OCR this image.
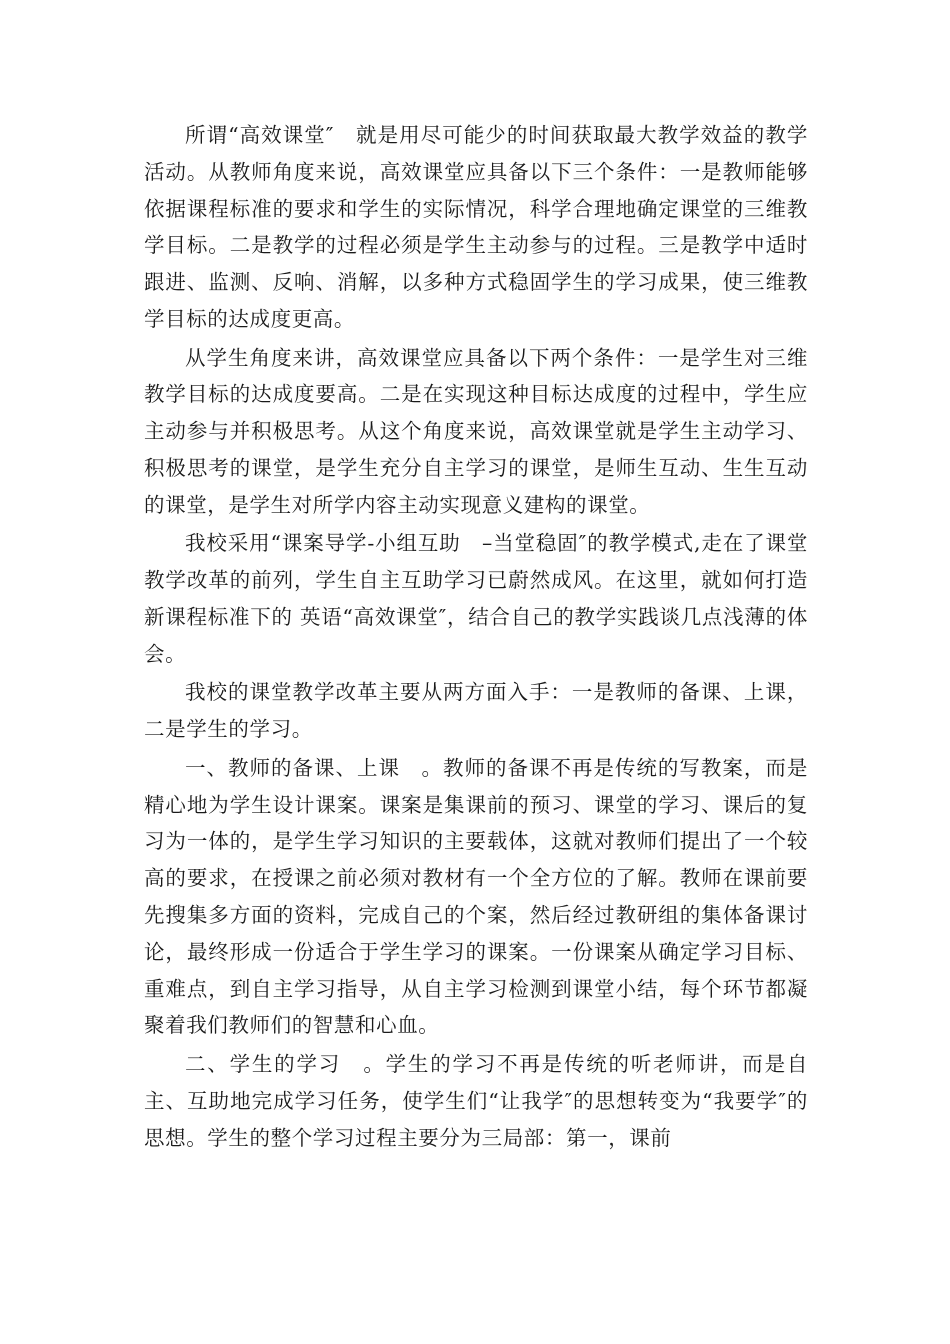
所谓“高效课堂″　就是用尽可能少的时间获取最大教学效益的教学活动。从教师角度来说，高效课堂应具备以下三个条件：一是教师能够依据课程标准的要求和学生的实际情况，科学合理地确定课堂的三维教学目标。二是教学的过程必须是学生主动参与的过程。三是教学中适时跟进、监测、反响、消解，以多种方式稳固学生的学习成果，使三维教学目标的达成度更高。

从学生角度来讲，高效课堂应具备以下两个条件：一是学生对三维教学目标的达成度要高。二是在实现这种目标达成度的过程中，学生应主动参与并积极思考。从这个角度来说，高效课堂就是学生主动学习、积极思考的课堂，是学生充分自主学习的课堂，是师生互动、生生互动的课堂，是学生对所学内容主动实现意义建构的课堂。

我校采用“课案导学-小组互助　–当堂稳固″的教学模式,走在了课堂教学改革的前列，学生自主互助学习已蔚然成风。在这里，就如何打造新课程标准下的 英语“高效课堂″，结合自己的教学实践谈几点浅薄的体会。

我校的课堂教学改革主要从两方面入手：一是教师的备课、上课，二是学生的学习。

一、教师的备课、上课　。教师的备课不再是传统的写教案，而是精心地为学生设计课案。课案是集课前的预习、课堂的学习、课后的复习为一体的，是学生学习知识的主要载体，这就对教师们提出了一个较高的要求，在授课之前必须对教材有一个全方位的了解。教师在课前要先搜集多方面的资料，完成自己的个案，然后经过教研组的集体备课讨论，最终形成一份适合于学生学习的课案。一份课案从确定学习目标、重难点，到自主学习指导，从自主学习检测到课堂小结，每个环节都凝聚着我们教师们的智慧和心血。

二、学生的学习　。学生的学习不再是传统的听老师讲，而是自主、互助地完成学习任务，使学生们“让我学″的思想转变为“我要学″的思想。学生的整个学习过程主要分为三局部：第一，课前
